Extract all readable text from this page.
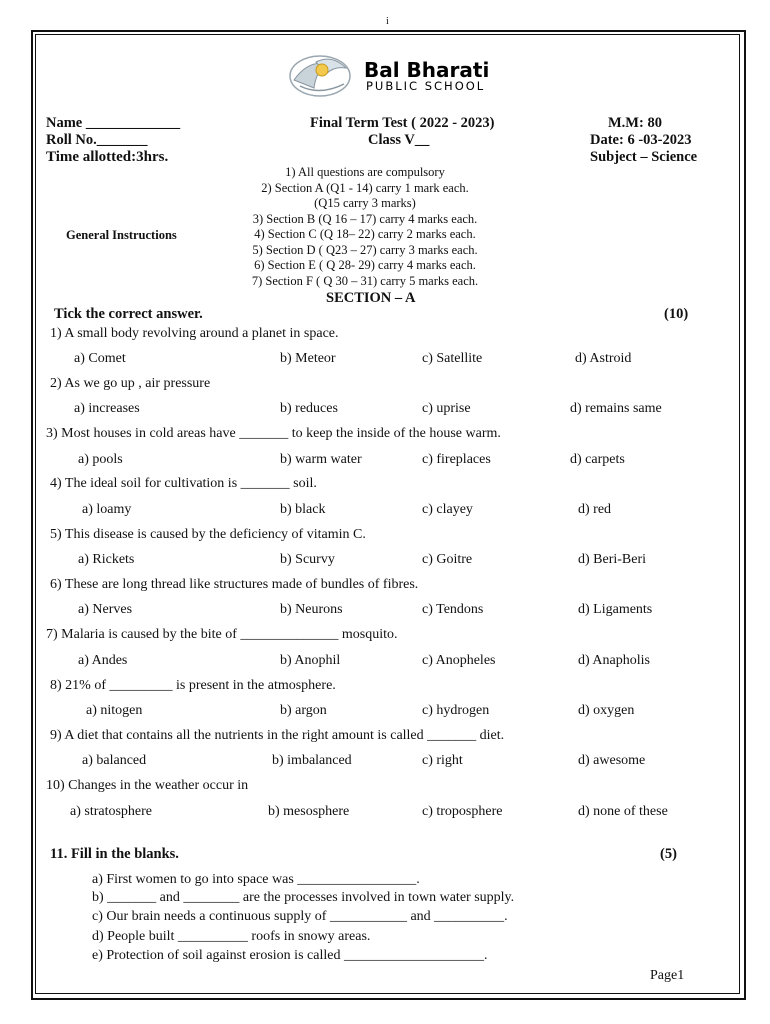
i
Bal Bharati
PUBLIC SCHOOL
Name _____________
Roll No._______
Time allotted:3hrs.
Final Term Test ( 2022 - 2023)
Class V__
M.M: 80
Date: 6 -03-2023
Subject – Science
General Instructions
1) All questions are compulsory
2) Section A (Q1 - 14) carry 1 mark each.
(Q15 carry 3 marks)
3) Section B (Q 16 – 17) carry 4 marks each.
4) Section C (Q 18– 22) carry 2 marks each.
5) Section D ( Q23 – 27) carry 3 marks each.
6) Section E ( Q 28- 29) carry 4 marks each.
7) Section F ( Q 30 – 31) carry 5 marks each.
SECTION – A
Tick the correct answer.	(10)
1) A small body revolving around a planet in space.
a) Comet	b) Meteor	c) Satellite	d) Astroid
2) As we go up , air pressure
a) increases	b) reduces	c) uprise	d) remains same
3) Most houses in cold areas have _______ to keep the inside of the house warm.
a) pools	b) warm water	c) fireplaces	d) carpets
4) The ideal soil for cultivation is _______ soil.
a) loamy	b) black	c) clayey	d) red
5) This disease is caused by the deficiency of vitamin C.
a) Rickets	b) Scurvy	c) Goitre	d) Beri-Beri
6) These are long thread like structures made of bundles of fibres.
a) Nerves	b) Neurons	c) Tendons	d) Ligaments
7) Malaria is caused by the bite of ______________ mosquito.
a) Andes	b) Anophil	c) Anopheles	d) Anapholis
8) 21% of _________ is present in the atmosphere.
a) nitogen	b) argon	c) hydrogen	d) oxygen
9) A diet that contains all the nutrients in the right amount is called _______ diet.
a) balanced	b) imbalanced	c) right	d) awesome
10) Changes in the weather occur in
a) stratosphere	b) mesosphere	c) troposphere	d) none of these
11. Fill in the blanks.	(5)
a) First women to go into space was _________________.
b) _______ and ________ are the processes involved in town water supply.
c) Our brain needs a continuous supply of ___________ and __________.
d) People built __________ roofs in snowy areas.
e) Protection of soil against erosion is called ____________________.
Page1
